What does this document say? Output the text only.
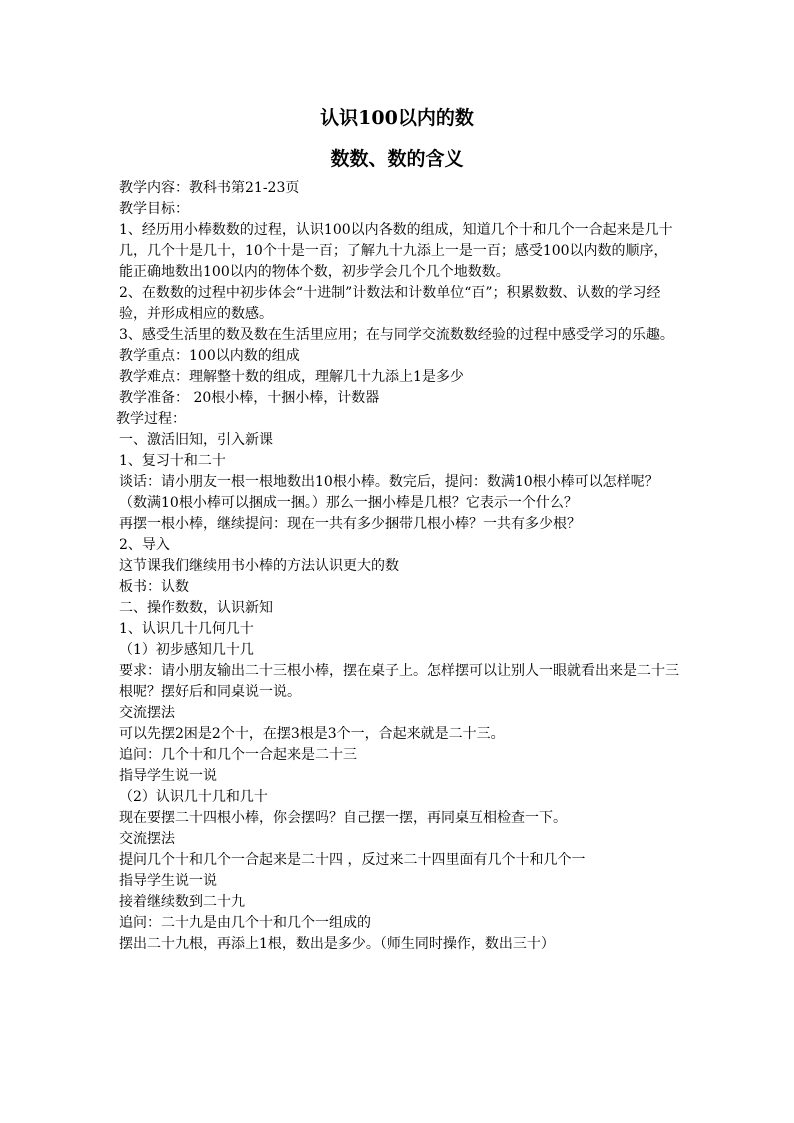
认识100以内的数
数数、数的含义
教学内容：教科书第21-23页
教学目标：
1、经历用小棒数数的过程，认识100以内各数的组成，知道几个十和几个一合起来是几十几，几个十是几十，10个十是一百；了解九十九添上一是一百；感受100以内数的顺序，能正确地数出100以内的物体个数，初步学会几个几个地数数。
2、在数数的过程中初步体会“十进制”计数法和计数单位“百”；积累数数、认数的学习经验，并形成相应的数感。
3、感受生活里的数及数在生活里应用；在与同学交流数数经验的过程中感受学习的乐趣。
教学重点：100以内数的组成
教学难点：理解整十数的组成，理解几十九添上1是多少
教学准备： 20根小棒，十捆小棒，计数器
教学过程：
一、激活旧知，引入新课
1、复习十和二十
谈话：请小朋友一根一根地数出10根小棒。数完后，提问：数满10根小棒可以怎样呢？（数满10根小棒可以捆成一捆。）那么一捆小棒是几根？它表示一个什么？
再摆一根小棒，继续提问：现在一共有多少捆带几根小棒？一共有多少根？
2、导入
这节课我们继续用书小棒的方法认识更大的数
板书：认数
二、操作数数，认识新知
1、认识几十几何几十
（1）初步感知几十几
要求：请小朋友输出二十三根小棒，摆在桌子上。怎样摆可以让别人一眼就看出来是二十三根呢？摆好后和同桌说一说。
交流摆法
可以先摆2困是2个十，在摆3根是3个一，合起来就是二十三。
追问：几个十和几个一合起来是二十三
指导学生说一说
（2）认识几十几和几十
现在要摆二十四根小棒，你会摆吗？自己摆一摆，再同桌互相检查一下。
交流摆法
提问几个十和几个一合起来是二十四 ，反过来二十四里面有几个十和几个一
指导学生说一说
接着继续数到二十九
追问：二十九是由几个十和几个一组成的
摆出二十九根，再添上1根，数出是多少。（师生同时操作，数出三十）
